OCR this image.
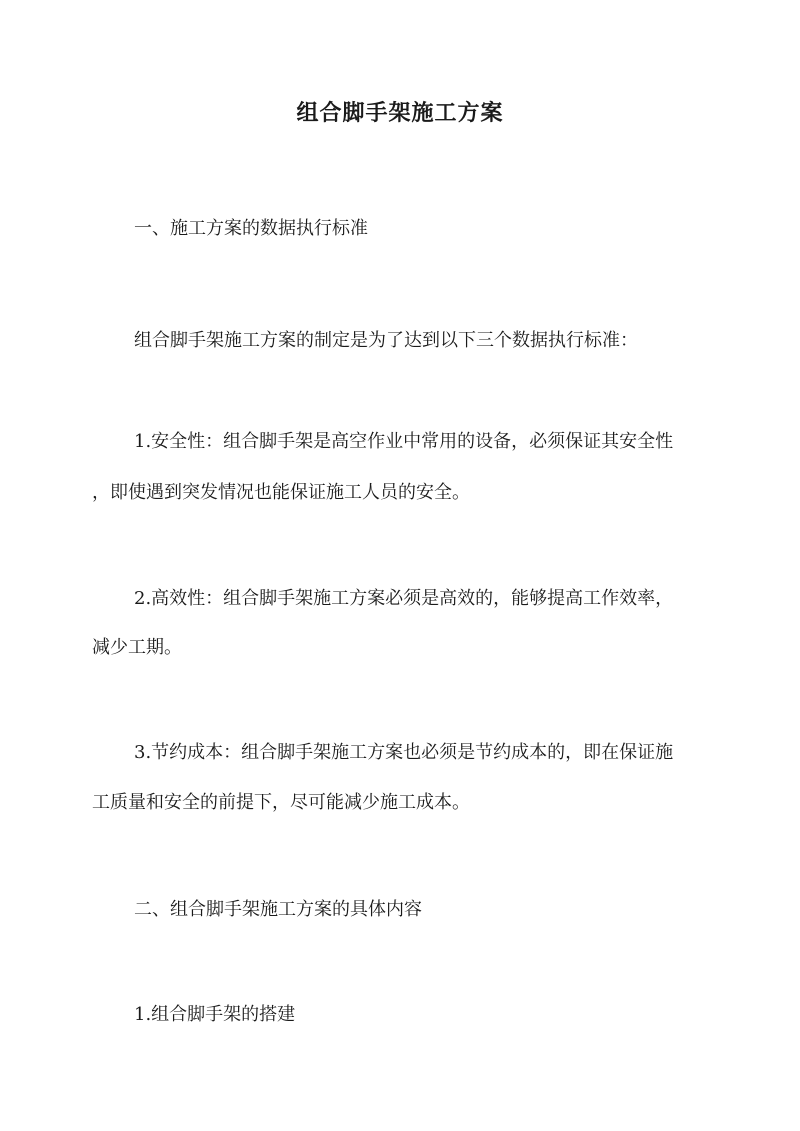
组合脚手架施工方案

一、施工方案的数据执行标准

组合脚手架施工方案的制定是为了达到以下三个数据执行标准：

1.安全性：组合脚手架是高空作业中常用的设备，必须保证其安全性

，即使遇到突发情况也能保证施工人员的安全。

2.高效性：组合脚手架施工方案必须是高效的，能够提高工作效率，

减少工期。

3.节约成本：组合脚手架施工方案也必须是节约成本的，即在保证施

工质量和安全的前提下，尽可能减少施工成本。

二、组合脚手架施工方案的具体内容

1.组合脚手架的搭建
